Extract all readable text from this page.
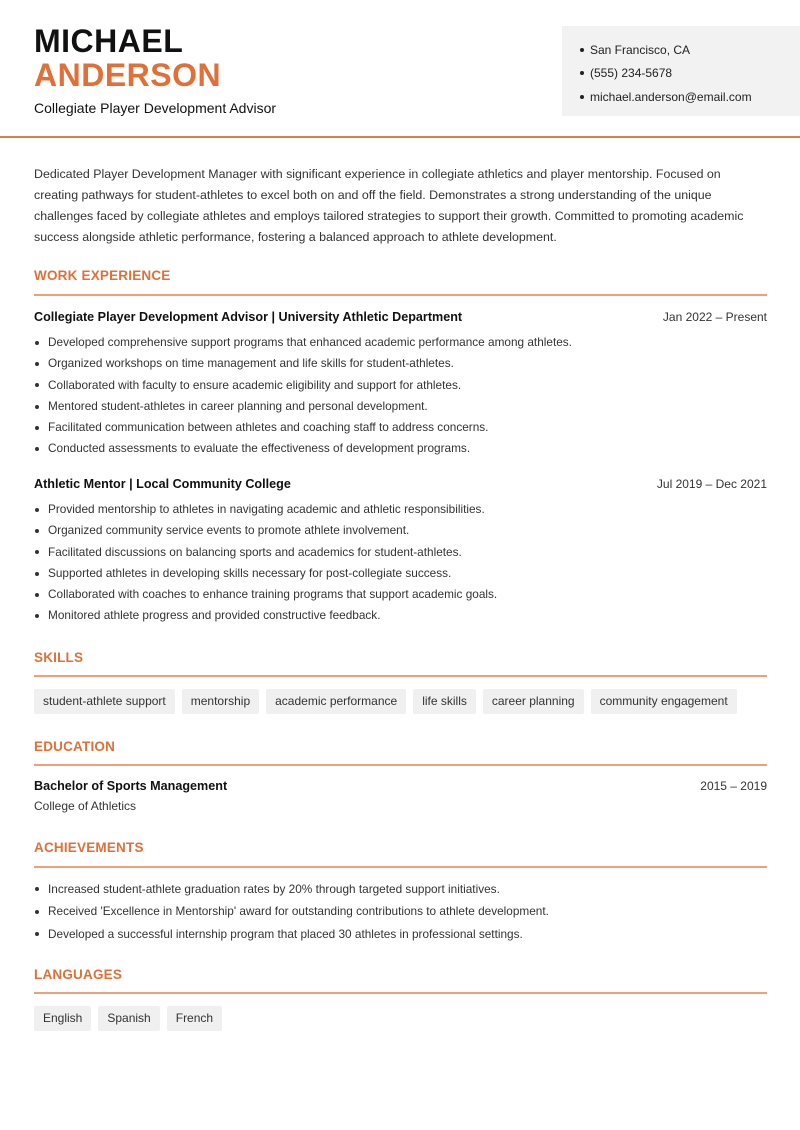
MICHAEL
ANDERSON
Collegiate Player Development Advisor
San Francisco, CA
(555) 234-5678
michael.anderson@email.com

Dedicated Player Development Manager with significant experience in collegiate athletics and player mentorship. Focused on creating pathways for student-athletes to excel both on and off the field. Demonstrates a strong understanding of the unique challenges faced by collegiate athletes and employs tailored strategies to support their growth. Committed to promoting academic success alongside athletic performance, fostering a balanced approach to athlete development.

WORK EXPERIENCE
Collegiate Player Development Advisor | University Athletic Department	Jan 2022 – Present
Developed comprehensive support programs that enhanced academic performance among athletes.
Organized workshops on time management and life skills for student-athletes.
Collaborated with faculty to ensure academic eligibility and support for athletes.
Mentored student-athletes in career planning and personal development.
Facilitated communication between athletes and coaching staff to address concerns.
Conducted assessments to evaluate the effectiveness of development programs.
Athletic Mentor | Local Community College	Jul 2019 – Dec 2021
Provided mentorship to athletes in navigating academic and athletic responsibilities.
Organized community service events to promote athlete involvement.
Facilitated discussions on balancing sports and academics for student-athletes.
Supported athletes in developing skills necessary for post-collegiate success.
Collaborated with coaches to enhance training programs that support academic goals.
Monitored athlete progress and provided constructive feedback.
SKILLS
student-athlete support	mentorship	academic performance	life skills	career planning	community engagement
EDUCATION
Bachelor of Sports Management	2015 – 2019
College of Athletics
ACHIEVEMENTS
Increased student-athlete graduation rates by 20% through targeted support initiatives.
Received 'Excellence in Mentorship' award for outstanding contributions to athlete development.
Developed a successful internship program that placed 30 athletes in professional settings.
LANGUAGES
English	Spanish	French
